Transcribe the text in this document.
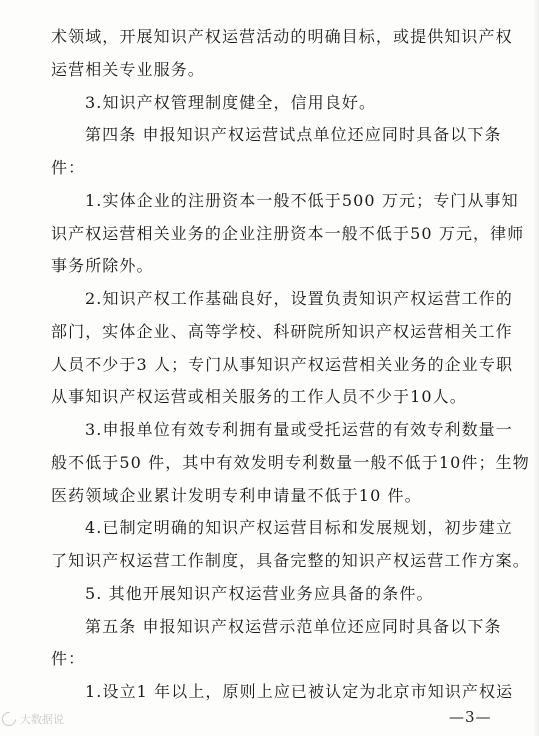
术领域，开展知识产权运营活动的明确目标，或提供知识产权
运营相关专业服务。
3.知识产权管理制度健全，信用良好。
第四条 申报知识产权运营试点单位还应同时具备以下条
件：
1.实体企业的注册资本一般不低于500 万元；专门从事知
识产权运营相关业务的企业注册资本一般不低于50 万元，律师
事务所除外。
2.知识产权工作基础良好，设置负责知识产权运营工作的
部门，实体企业、高等学校、科研院所知识产权运营相关工作
人员不少于3 人；专门从事知识产权运营相关业务的企业专职
从事知识产权运营或相关服务的工作人员不少于10人。
3.申报单位有效专利拥有量或受托运营的有效专利数量一
般不低于50 件，其中有效发明专利数量一般不低于10件；生物
医药领域企业累计发明专利申请量不低于10 件。
4.已制定明确的知识产权运营目标和发展规划，初步建立
了知识产权运营工作制度，具备完整的知识产权运营工作方案。
5. 其他开展知识产权运营业务应具备的条件。
第五条 申报知识产权运营示范单位还应同时具备以下条
—3—
大数据说
件：
1.设立1 年以上，原则上应已被认定为北京市知识产权运
